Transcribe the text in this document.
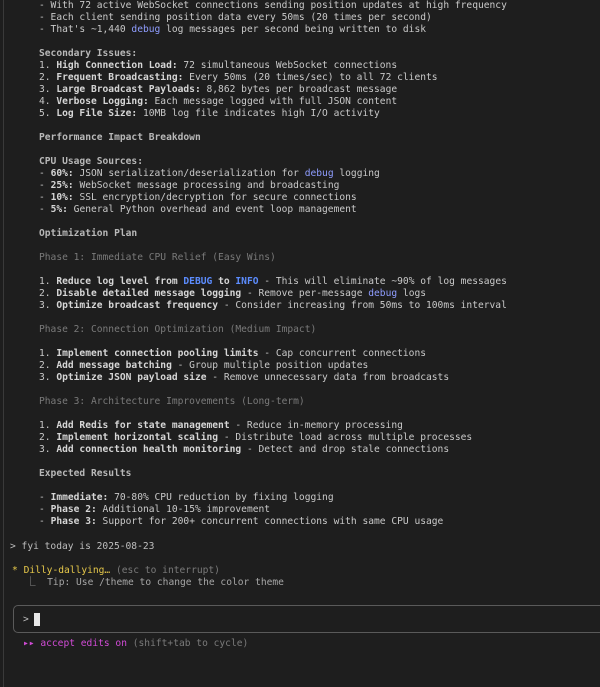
- With 72 active WebSocket connections sending position updates at high frequency
- Each client sending position data every 50ms (20 times per second)
- That's ~1,440 debug log messages per second being written to disk
Secondary Issues:
1. High Connection Load: 72 simultaneous WebSocket connections
2. Frequent Broadcasting: Every 50ms (20 times/sec) to all 72 clients
3. Large Broadcast Payloads: 8,862 bytes per broadcast message
4. Verbose Logging: Each message logged with full JSON content
5. Log File Size: 10MB log file indicates high I/O activity
Performance Impact Breakdown
CPU Usage Sources:
- 60%: JSON serialization/deserialization for debug logging
- 25%: WebSocket message processing and broadcasting
- 10%: SSL encryption/decryption for secure connections
- 5%: General Python overhead and event loop management
Optimization Plan
Phase 1: Immediate CPU Relief (Easy Wins)
1. Reduce log level from DEBUG to INFO - This will eliminate ~90% of log messages
2. Disable detailed message logging - Remove per-message debug logs
3. Optimize broadcast frequency - Consider increasing from 50ms to 100ms interval
Phase 2: Connection Optimization (Medium Impact)
1. Implement connection pooling limits - Cap concurrent connections
2. Add message batching - Group multiple position updates
3. Optimize JSON payload size - Remove unnecessary data from broadcasts
Phase 3: Architecture Improvements (Long-term)
1. Add Redis for state management - Reduce in-memory processing
2. Implement horizontal scaling - Distribute load across multiple processes
3. Add connection health monitoring - Detect and drop stale connections
Expected Results
- Immediate: 70-80% CPU reduction by fixing logging
- Phase 2: Additional 10-15% improvement
- Phase 3: Support for 200+ concurrent connections with same CPU usage
> fyi today is 2025-08-23
* Dilly-dallying… (esc to interrupt)
⎿  Tip: Use /theme to change the color theme
>
▸▸ accept edits on (shift+tab to cycle)
